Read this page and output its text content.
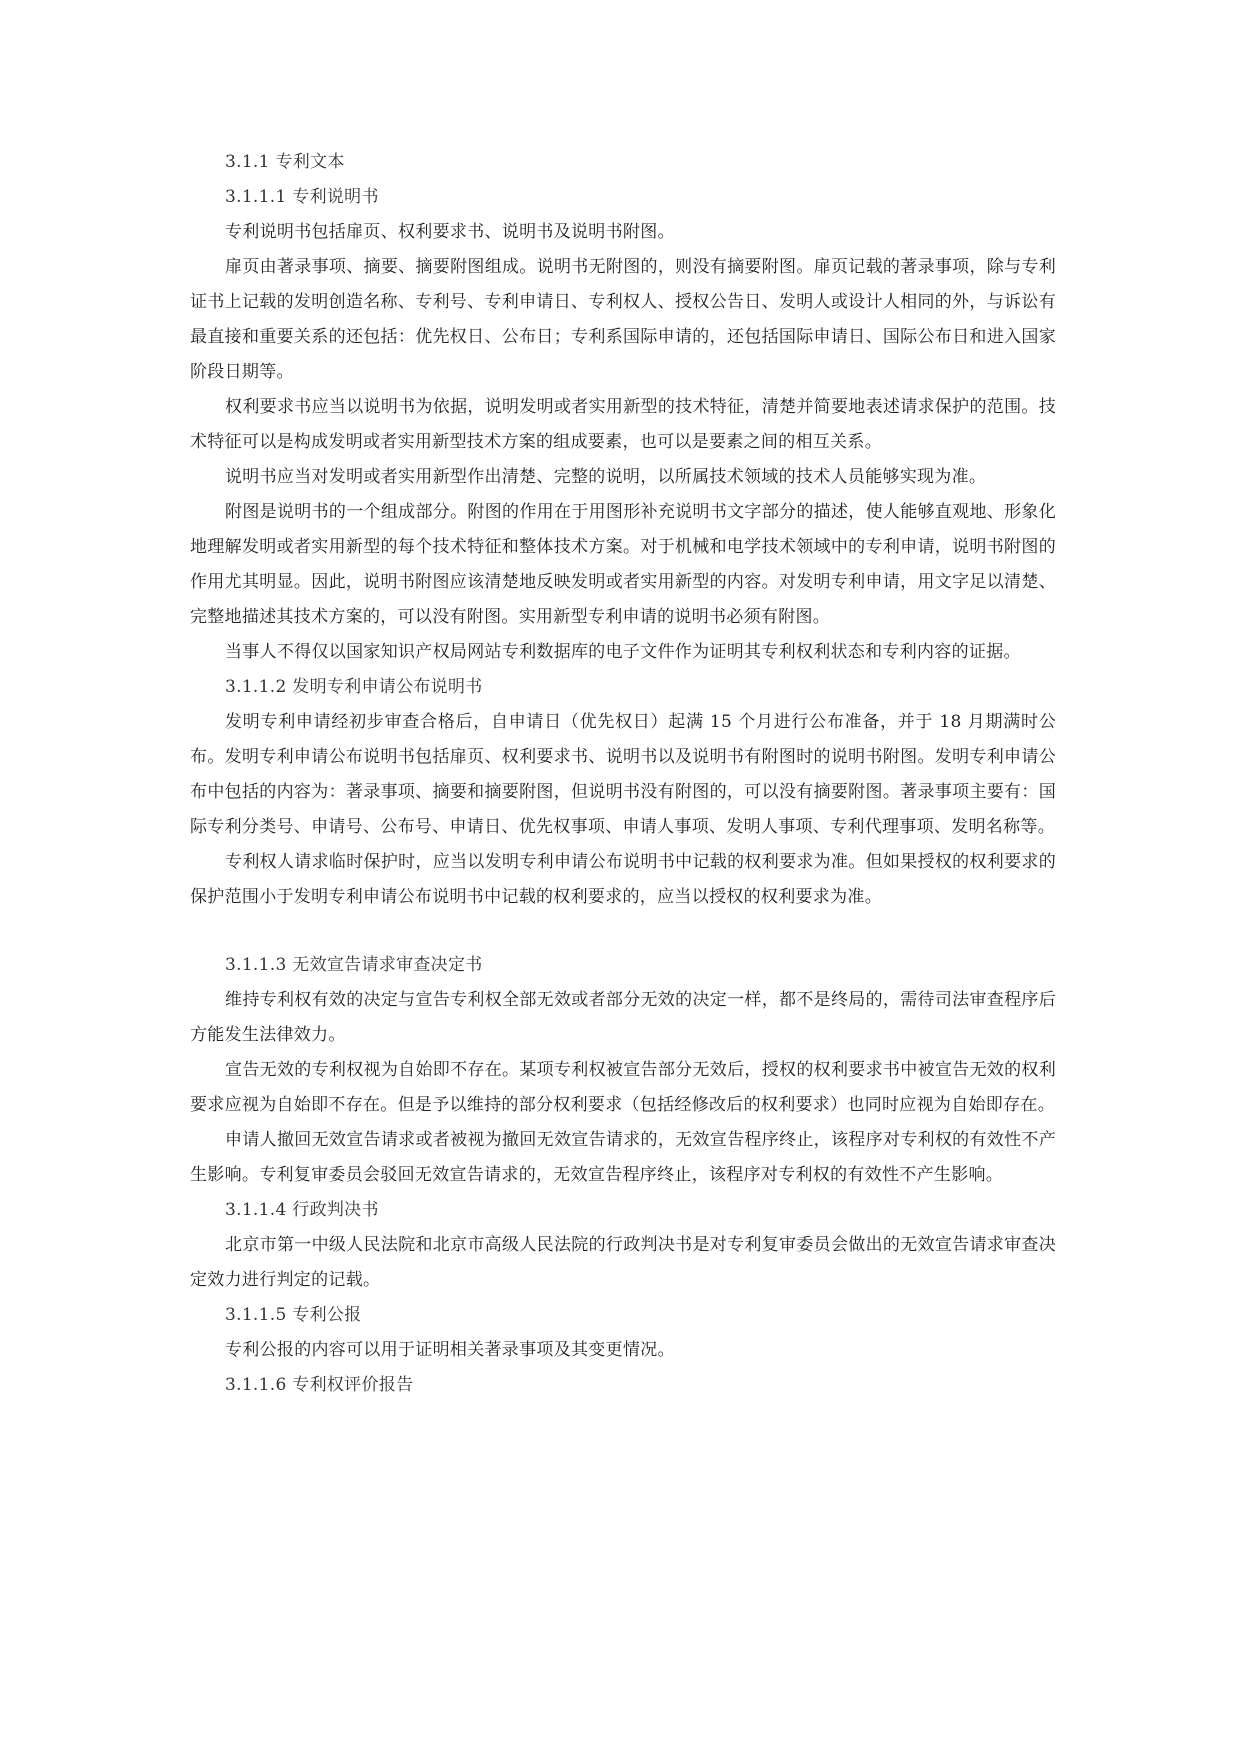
3.1.1 专利文本
3.1.1.1 专利说明书

专利说明书包括扉页、权利要求书、说明书及说明书附图。

扉页由著录事项、摘要、摘要附图组成。说明书无附图的，则没有摘要附图。扉页记载的著录事项，除与专利证书上记载的发明创造名称、专利号、专利申请日、专利权人、授权公告日、发明人或设计人相同的外，与诉讼有最直接和重要关系的还包括：优先权日、公布日；专利系国际申请的，还包括国际申请日、国际公布日和进入国家阶段日期等。

权利要求书应当以说明书为依据，说明发明或者实用新型的技术特征，清楚并简要地表述请求保护的范围。技术特征可以是构成发明或者实用新型技术方案的组成要素，也可以是要素之间的相互关系。

说明书应当对发明或者实用新型作出清楚、完整的说明，以所属技术领域的技术人员能够实现为准。

附图是说明书的一个组成部分。附图的作用在于用图形补充说明书文字部分的描述，使人能够直观地、形象化地理解发明或者实用新型的每个技术特征和整体技术方案。对于机械和电学技术领域中的专利申请，说明书附图的作用尤其明显。因此，说明书附图应该清楚地反映发明或者实用新型的内容。对发明专利申请，用文字足以清楚、完整地描述其技术方案的，可以没有附图。实用新型专利申请的说明书必须有附图。

当事人不得仅以国家知识产权局网站专利数据库的电子文件作为证明其专利权利状态和专利内容的证据。

3.1.1.2 发明专利申请公布说明书

发明专利申请经初步审查合格后，自申请日（优先权日）起满 15 个月进行公布准备，并于 18 月期满时公布。发明专利申请公布说明书包括扉页、权利要求书、说明书以及说明书有附图时的说明书附图。发明专利申请公布中包括的内容为：著录事项、摘要和摘要附图，但说明书没有附图的，可以没有摘要附图。著录事项主要有：国际专利分类号、申请号、公布号、申请日、优先权事项、申请人事项、发明人事项、专利代理事项、发明名称等。

专利权人请求临时保护时，应当以发明专利申请公布说明书中记载的权利要求为准。但如果授权的权利要求的保护范围小于发明专利申请公布说明书中记载的权利要求的，应当以授权的权利要求为准。

3.1.1.3 无效宣告请求审查决定书

维持专利权有效的决定与宣告专利权全部无效或者部分无效的决定一样，都不是终局的，需待司法审查程序后方能发生法律效力。

宣告无效的专利权视为自始即不存在。某项专利权被宣告部分无效后，授权的权利要求书中被宣告无效的权利要求应视为自始即不存在。但是予以维持的部分权利要求（包括经修改后的权利要求）也同时应视为自始即存在。

申请人撤回无效宣告请求或者被视为撤回无效宣告请求的，无效宣告程序终止，该程序对专利权的有效性不产生影响。专利复审委员会驳回无效宣告请求的，无效宣告程序终止，该程序对专利权的有效性不产生影响。

3.1.1.4 行政判决书

北京市第一中级人民法院和北京市高级人民法院的行政判决书是对专利复审委员会做出的无效宣告请求审查决定效力进行判定的记载。

3.1.1.5 专利公报

专利公报的内容可以用于证明相关著录事项及其变更情况。

3.1.1.6 专利权评价报告
